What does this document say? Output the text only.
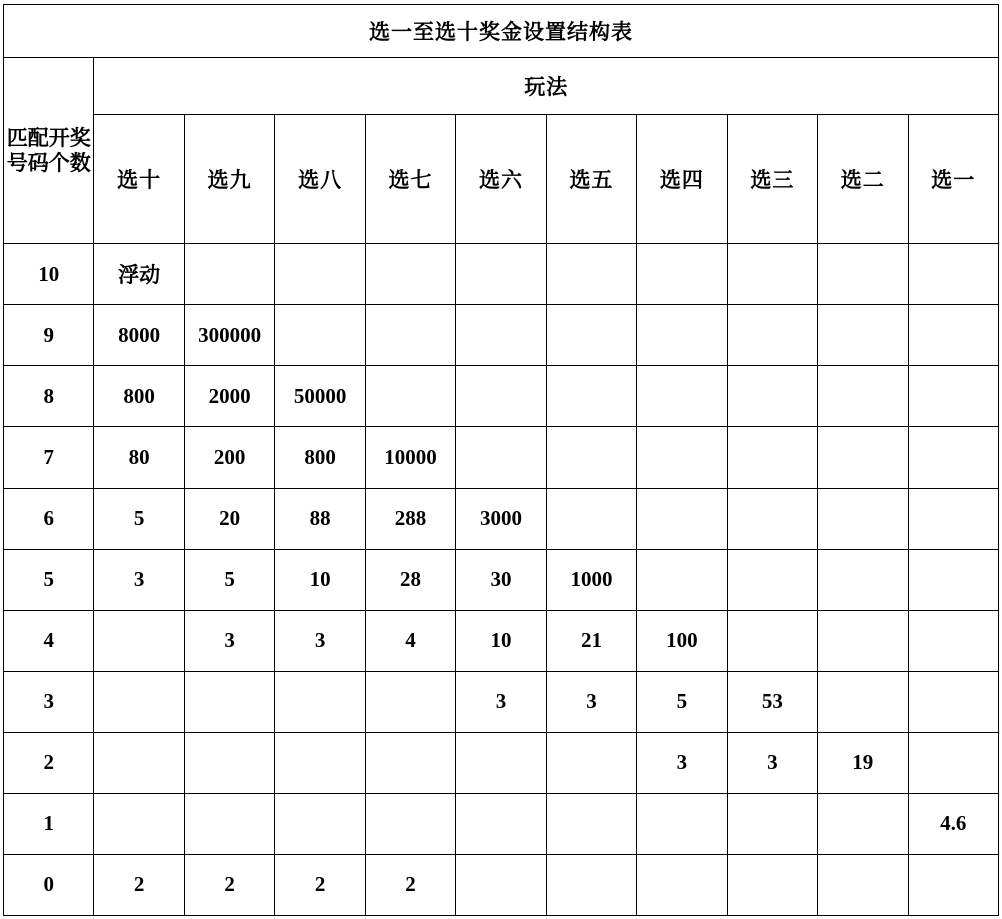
选一至选十奖金设置结构表										
匹配开奖号码个数	玩法									
	选十	选九	选八	选七	选六	选五	选四	选三	选二	选一
10	浮动									
9	8000	300000								
8	800	2000	50000							
7	80	200	800	10000						
6	5	20	88	288	3000					
5	3	5	10	28	30	1000				
4		3	3	4	10	21	100			
3					3	3	5	53		
2							3	3	19	
1										4.6
0	2	2	2	2						
